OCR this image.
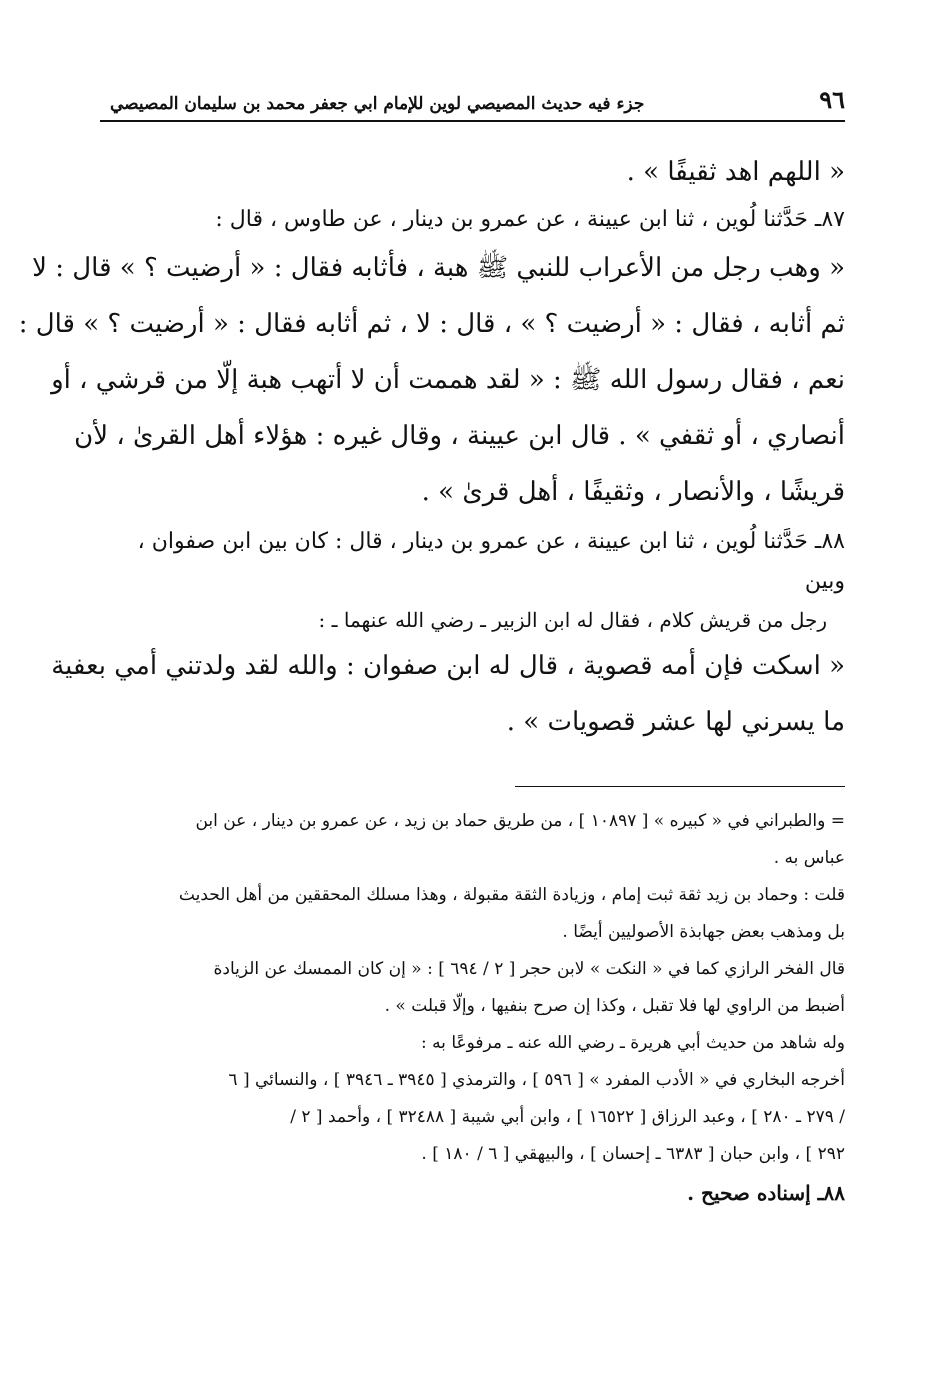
٩٦
جزء فيه حديث المصيصي لوين للإمام ابي جعفر محمد بن سليمان المصيصي
« اللهم اهد ثقيفًا » .
٨٧ـ حَدَّثنا لُوين ، ثنا ابن عيينة ، عن عمرو بن دينار ، عن طاوس ، قال :
« وهب رجل من الأعراب للنبي ﷺ هبة ، فأثابه فقال : « أرضيت ؟ » قال : لا
ثم أثابه ، فقال : « أرضيت ؟ » ، قال : لا ، ثم أثابه فقال : « أرضيت ؟ » قال :
نعم ، فقال رسول الله ﷺ : « لقد هممت أن لا أتهب هبة إلّا من قرشي ، أو
أنصاري ، أو ثقفي » . قال ابن عيينة ، وقال غيره : هؤلاء أهل القرىٰ ، لأن
قريشًا ، والأنصار ، وثقيفًا ، أهل قرىٰ » .
٨٨ـ حَدَّثنا لُوين ، ثنا ابن عيينة ، عن عمرو بن دينار ، قال : كان بين ابن صفوان ، وبين
رجل من قريش كلام ، فقال له ابن الزبير ـ رضي الله عنهما ـ :
« اسكت فإن أمه قصوية ، قال له ابن صفوان : والله لقد ولدتني أمي بعفية
ما يسرني لها عشر قصويات » .
= والطبراني في « كبيره » [ ١٠٨٩٧ ] ، من طريق حماد بن زيد ، عن عمرو بن دينار ، عن ابن
عباس به .
قلت : وحماد بن زيد ثقة ثبت إمام ، وزيادة الثقة مقبولة ، وهذا مسلك المحققين من أهل الحديث
بل ومذهب بعض جهابذة الأصوليين أيضًا .
قال الفخر الرازي كما في « النكت » لابن حجر [ ٢ / ٦٩٤ ] : « إن كان الممسك عن الزيادة
أضبط من الراوي لها فلا تقبل ، وكذا إن صرح بنفيها ، وإلّا قبلت » .
وله شاهد من حديث أبي هريرة ـ رضي الله عنه ـ مرفوعًا به :
أخرجه البخاري في « الأدب المفرد » [ ٥٩٦ ] ، والترمذي [ ٣٩٤٥ ـ ٣٩٤٦ ] ، والنسائي [ ٦
/ ٢٧٩ ـ ٢٨٠ ] ، وعبد الرزاق [ ١٦٥٢٢ ] ، وابن أبي شيبة [ ٣٢٤٨٨ ] ، وأحمد [ ٢ /
٢٩٢ ] ، وابن حبان [ ٦٣٨٣ ـ إحسان ] ، والبيهقي [ ٦ / ١٨٠ ] .
٨٨ـ إسناده صحيح .
